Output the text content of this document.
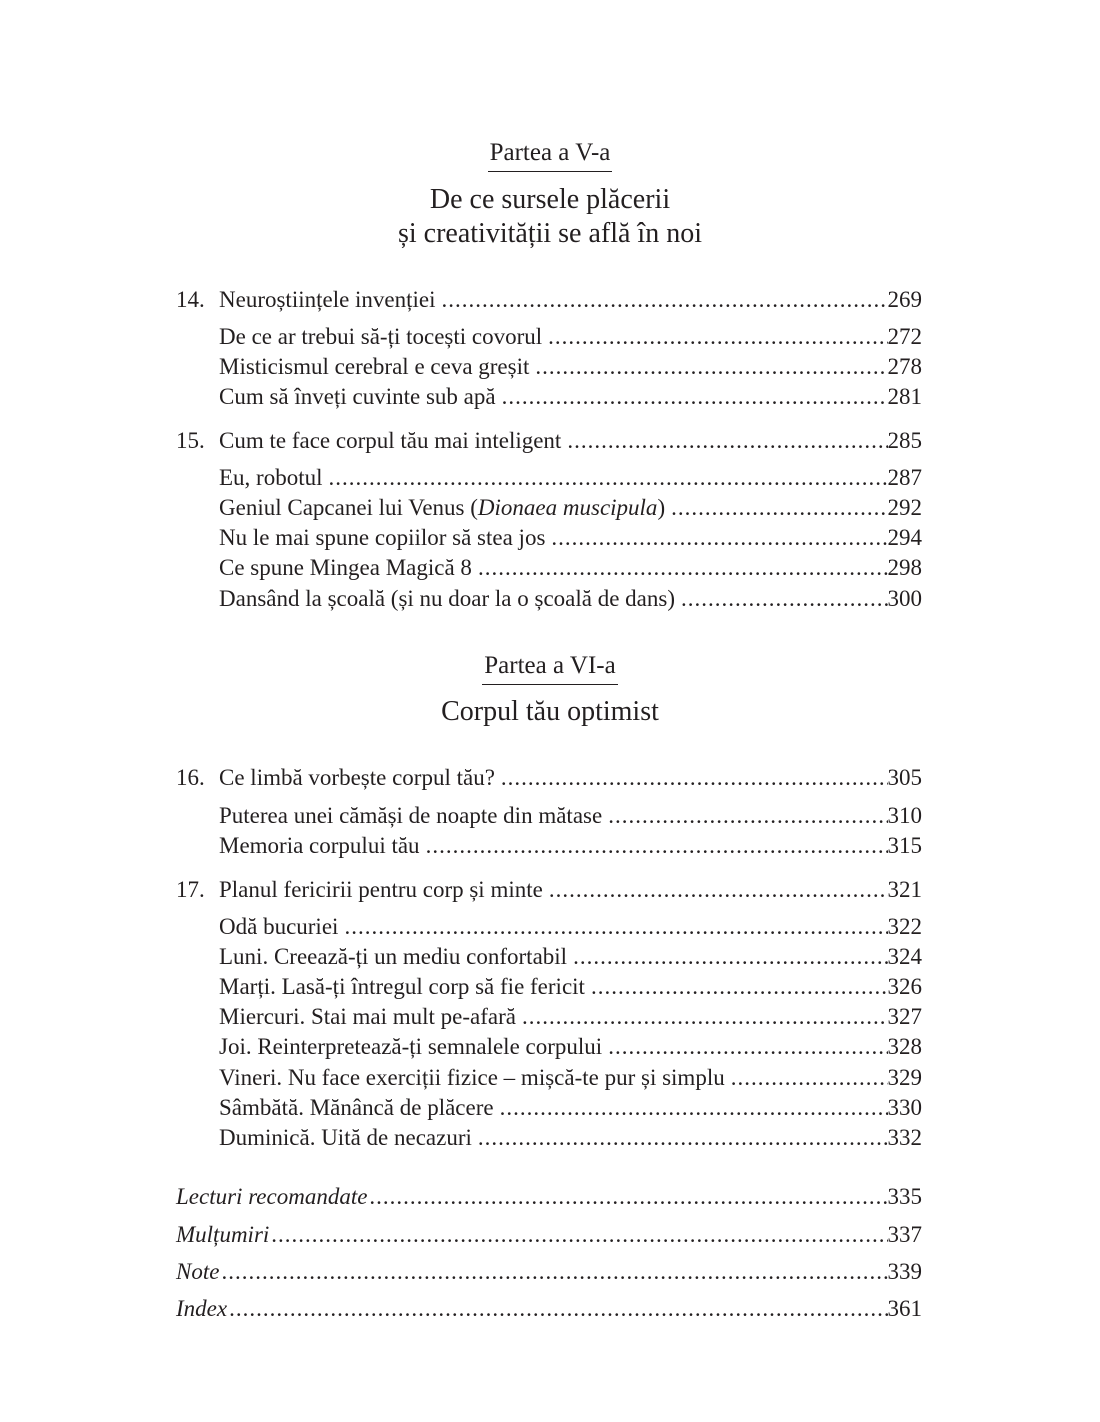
Partea a V-a
De ce sursele plăcerii
și creativității se află în noi
Partea a VI-a
Corpul tău optimist
14. Neuroștiințele invenției .....	269
De ce ar trebui să-ți tocești covorul .....	272
Misticismul cerebral e ceva greșit .....	278
Cum să înveți cuvinte sub apă .....	281
15. Cum te face corpul tău mai inteligent .....	285
Eu, robotul .....	287
Geniul Capcanei lui Venus (Dionaea muscipula) .....	292
Nu le mai spune copiilor să stea jos .....	294
Ce spune Mingea Magică 8 .....	298
Dansând la școală (și nu doar la o școală de dans) .....	300
16. Ce limbă vorbește corpul tău? .....	305
Puterea unei cămăși de noapte din mătase .....	310
Memoria corpului tău .....	315
17. Planul fericirii pentru corp și minte .....	321
Odă bucuriei .....	322
Luni. Creează-ți un mediu confortabil .....	324
Marți. Lasă-ți întregul corp să fie fericit .....	326
Miercuri. Stai mai mult pe-afară .....	327
Joi. Reinterpretează-ți semnalele corpului .....	328
Vineri. Nu face exerciții fizice – mișcă-te pur și simplu .....	329
Sâmbătă. Mănâncă de plăcere .....	330
Duminică. Uită de necazuri .....	332
Lecturi recomandate .....	335
Mulțumiri .....	337
Note .....	339
Index .....	361
